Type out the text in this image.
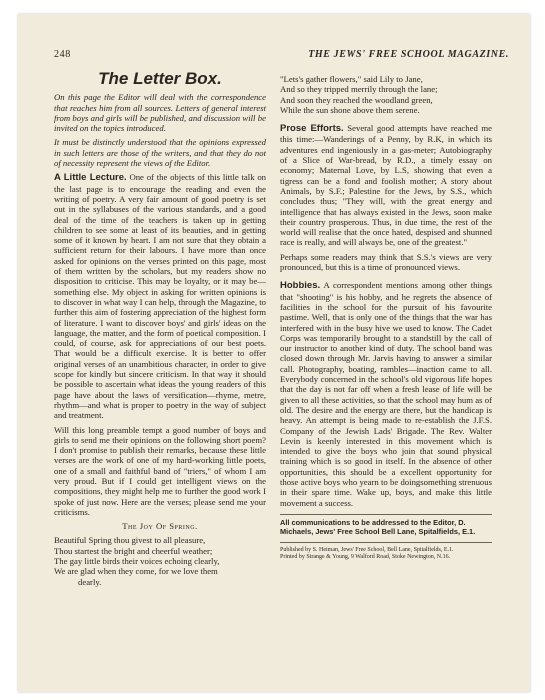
248	THE JEWS' FREE SCHOOL MAGAZINE.
The Letter Box.

On this page the Editor will deal with the correspondence that reaches him from all sources. Letters of general interest from boys and girls will be published, and discussion will be invited on the topics introduced.

It must be distinctly understood that the opinions expressed in such letters are those of the writers, and that they do not of necessity represent the views of the Editor.

A Little Lecture. One of the objects of this little talk on the last page is to encourage the reading and even the writing of poetry. A very fair amount of good poetry is set out in the syllabuses of the various standards, and a good deal of the time of the teachers is taken up in getting children to see some at least of its beauties, and in getting some of it known by heart. I am not sure that they obtain a sufficient return for their labours. I have more than once asked for opinions on the verses printed on this page, most of them written by the scholars, but my readers show no disposition to criticise. This may be loyalty, or it may be—something else. My object in asking for written opinions is to discover in what way I can help, through the Magazine, to further this aim of fostering appreciation of the highest form of literature. I want to discover boys' and girls' ideas on the language, the matter, and the form of poetical composition. I could, of course, ask for appreciations of our best poets. That would be a difficult exercise. It is better to offer original verses of an unambitious character, in order to give scope for kindly but sincere criticism. In that way it should be possible to ascertain what ideas the young readers of this page have about the laws of versification—rhyme, metre, rhythm—and what is proper to poetry in the way of subject and treatment.

Will this long preamble tempt a good number of boys and girls to send me their opinions on the following short poem? I don't promise to publish their remarks, because these little verses are the work of one of my hard-working little poets, one of a small and faithful band of "triers," of whom I am very proud. But if I could get intelligent views on the compositions, they might help me to further the good work I spoke of just now. Here are the verses; please send me your criticisms.

The Joy Of Spring.
Beautiful Spring thou givest to all pleasure,
Thou startest the bright and cheerful weather;
The gay little birds their voices echoing clearly,
We are glad when they come, for we love them
dearly.
"Lets's gather flowers," said Lily to Jane,
And so they tripped merrily through the lane;
And soon they reached the woodland green,
While the sun shone above them serene.

Prose Efforts. Several good attempts have reached me this time:—Wanderings of a Penny, by R.K, in which its adventures end ingeniously in a gas-meter; Autobiography of a Slice of War-bread, by R.D., a timely essay on economy; Maternal Love, by L.S, showing that even a tigress can be a fond and foolish mother; A story about Animals, by S.F.; Palestine for the Jews, by S.S., which concludes thus; "They will, with the great energy and intelligence that has always existed in the Jews, soon make their country prosperous. Thus, in due time, the rest of the world will realise that the once hated, despised and shunned race is really, and will always be, one of the greatest."

Perhaps some readers may think that S.S.'s views are very pronounced, but this is a time of pronounced views.

Hobbies. A correspondent mentions among other things that "shooting" is his hobby, and he regrets the absence of facilities in the school for the pursuit of his favourite pastime. Well, that is only one of the things that the war has interfered with in the busy hive we used to know. The Cadet Corps was temporarily brought to a standstill by the call of our instructor to another kind of duty. The school band was closed down through Mr. Jarvis having to answer a similar call. Photography, boating, rambles—inaction came to all. Everybody concerned in the school's old vigorous life hopes that the day is not far off when a fresh lease of life will be given to all these activities, so that the school may hum as of old. The desire and the energy are there, but the handicap is heavy. An attempt is being made to re-establish the J.F.S. Company of the Jewish Lads' Brigade. The Rev. Walter Levin is keenly interested in this movement which is intended to give the boys who join that sound physical training which is so good in itself. In the absence of other opportunities, this should be a excellent opportunity for those active boys who yearn to be doingsomething strenuous in their spare time. Wake up, boys, and make this little movement a success.

All communications to be addressed to the Editor, D. Michaels, Jews' Free School Bell Lane, Spitalfields, E.1.
Published by S. Heiman, Jews' Free School, Bell Lane, Spitalfields, E.1.
Printed by Strange & Young, 9 Walford Road, Stoke Newington, N.16.
